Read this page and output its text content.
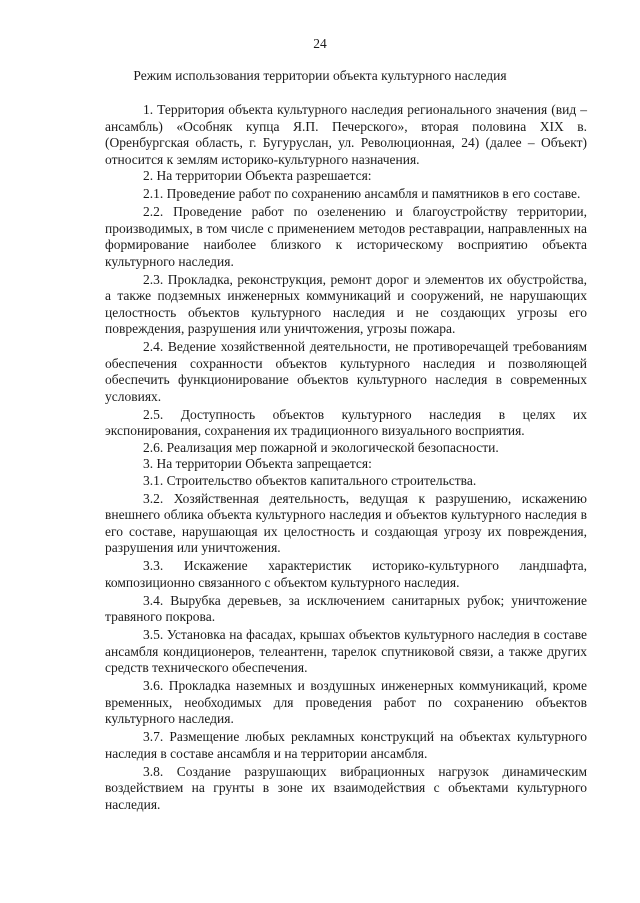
24
Режим использования территории объекта культурного наследия

1. Территория объекта культурного наследия регионального значения (вид – ансамбль) «Особняк купца Я.П. Печерского», вторая половина XIX в. (Оренбургская область, г. Бугуруслан, ул. Революционная, 24) (далее – Объект) относится к землям историко-культурного назначения.

2. На территории Объекта разрешается:

2.1. Проведение работ по сохранению ансамбля и памятников в его составе.

2.2. Проведение работ по озеленению и благоустройству территории, производимых, в том числе с применением методов реставрации, направленных на формирование наиболее близкого к историческому восприятию объекта культурного наследия.

2.3. Прокладка, реконструкция, ремонт дорог и элементов их обустройства, а также подземных инженерных коммуникаций и сооружений, не нарушающих целостность объектов культурного наследия и не создающих угрозы его повреждения, разрушения или уничтожения, угрозы пожара.

2.4. Ведение хозяйственной деятельности, не противоречащей требованиям обеспечения сохранности объектов культурного наследия и позволяющей обеспечить функционирование объектов культурного наследия в современных условиях.

2.5. Доступность объектов культурного наследия в целях их экспонирования, сохранения их традиционного визуального восприятия.

2.6. Реализация мер пожарной и экологической безопасности.

3. На территории Объекта запрещается:

3.1. Строительство объектов капитального строительства.

3.2. Хозяйственная деятельность, ведущая к разрушению, искажению внешнего облика объекта культурного наследия и объектов культурного наследия в его составе, нарушающая их целостность и создающая угрозу их повреждения, разрушения или уничтожения.

3.3. Искажение характеристик историко-культурного ландшафта, композиционно связанного с объектом культурного наследия.

3.4. Вырубка деревьев, за исключением санитарных рубок; уничтожение травяного покрова.

3.5. Установка на фасадах, крышах объектов культурного наследия в составе ансамбля кондиционеров, телеантенн, тарелок спутниковой связи, а также других средств технического обеспечения.

3.6. Прокладка наземных и воздушных инженерных коммуникаций, кроме временных, необходимых для проведения работ по сохранению объектов культурного наследия.

3.7. Размещение любых рекламных конструкций на объектах культурного наследия в составе ансамбля и на территории ансамбля.

3.8. Создание разрушающих вибрационных нагрузок динамическим воздействием на грунты в зоне их взаимодействия с объектами культурного наследия.
